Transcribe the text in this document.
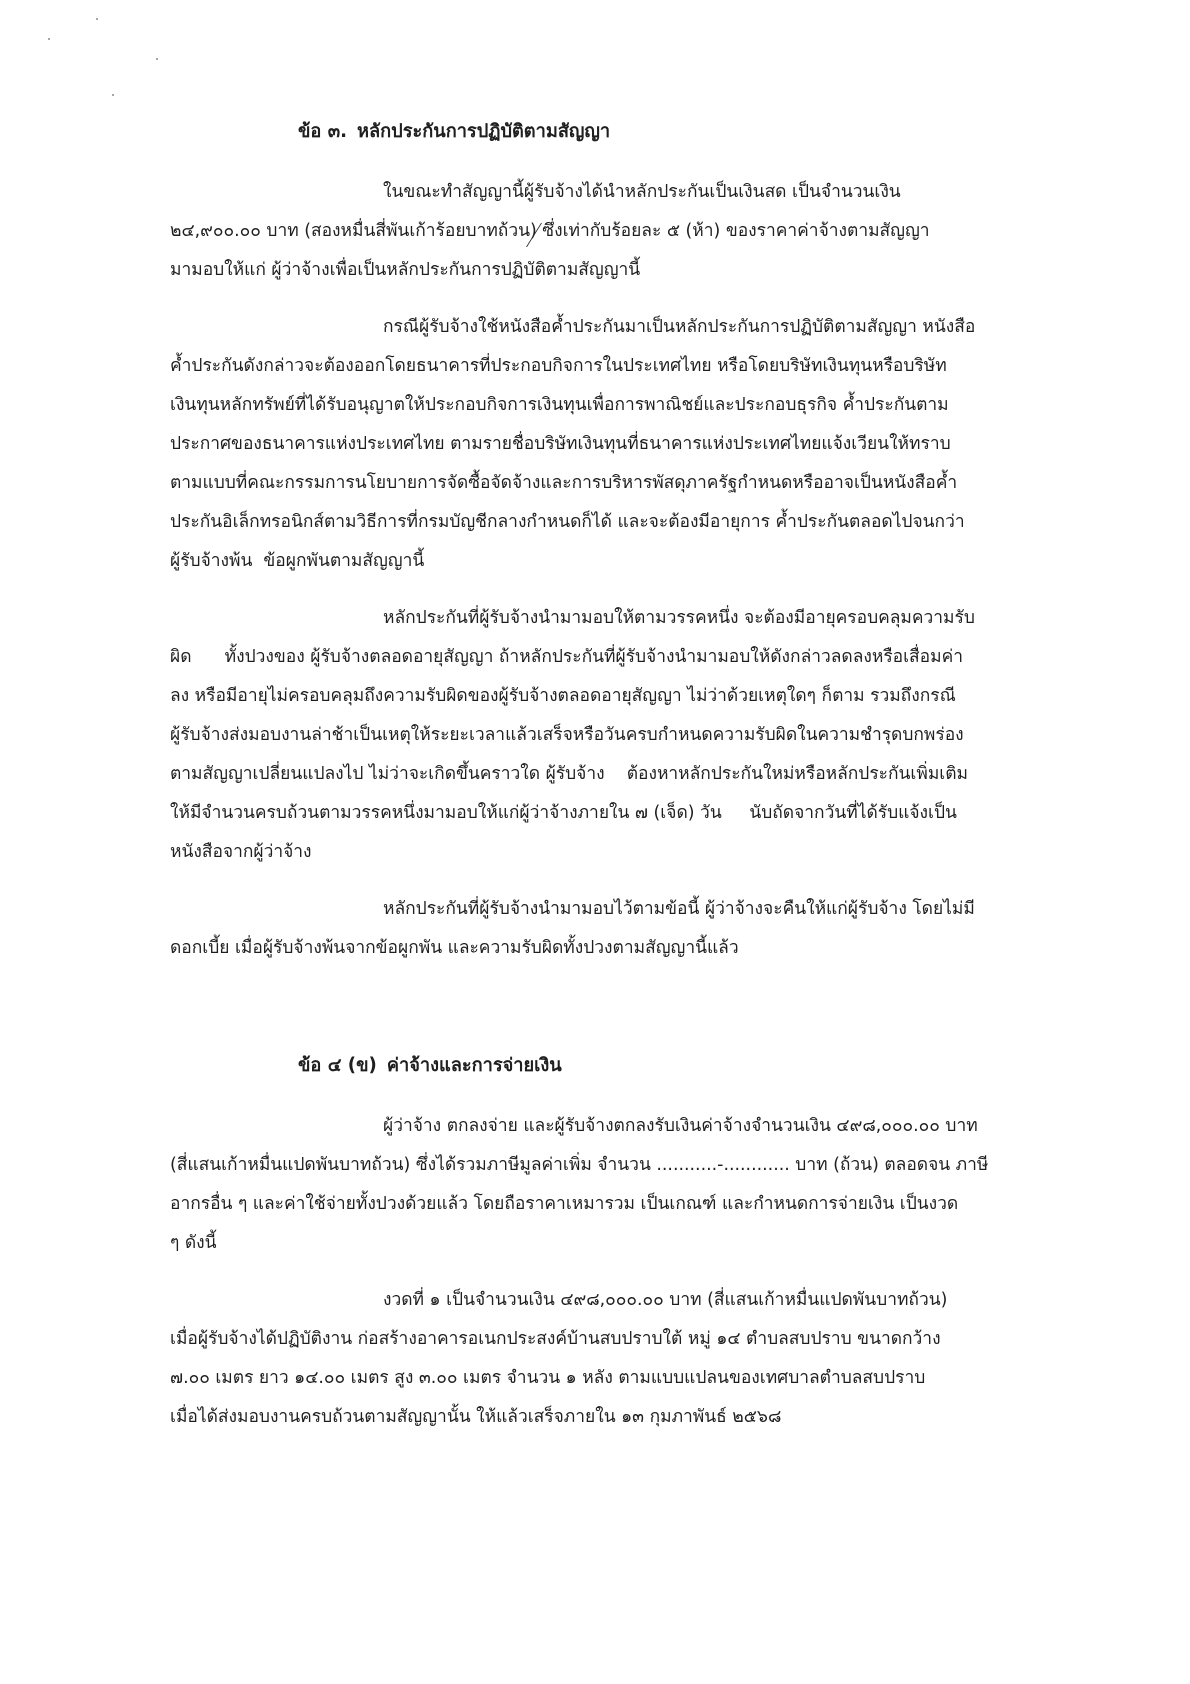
ข้อ ๓. หลักประกันการปฏิบัติตามสัญญา
ในขณะทำสัญญานี้ผู้รับจ้างได้นำหลักประกันเป็นเงินสด เป็นจำนวนเงิน
๒๔,๙๐๐.๐๐ บาท (สองหมื่นสี่พันเก้าร้อยบาทถ้วน) ซึ่งเท่ากับร้อยละ ๕ (ห้า) ของราคาค่าจ้างตามสัญญา
มามอบให้แก่ ผู้ว่าจ้างเพื่อเป็นหลักประกันการปฏิบัติตามสัญญานี้
กรณีผู้รับจ้างใช้หนังสือค้ำประกันมาเป็นหลักประกันการปฏิบัติตามสัญญา หนังสือ
ค้ำประกันดังกล่าวจะต้องออกโดยธนาคารที่ประกอบกิจการในประเทศไทย หรือโดยบริษัทเงินทุนหรือบริษัท
เงินทุนหลักทรัพย์ที่ได้รับอนุญาตให้ประกอบกิจการเงินทุนเพื่อการพาณิชย์และประกอบธุรกิจ ค้ำประกันตาม
ประกาศของธนาคารแห่งประเทศไทย ตามรายชื่อบริษัทเงินทุนที่ธนาคารแห่งประเทศไทยแจ้งเวียนให้ทราบ
ตามแบบที่คณะกรรมการนโยบายการจัดซื้อจัดจ้างและการบริหารพัสดุภาครัฐกำหนดหรืออาจเป็นหนังสือค้ำ
ประกันอิเล็กทรอนิกส์ตามวิธีการที่กรมบัญชีกลางกำหนดก็ได้ และจะต้องมีอายุการ ค้ำประกันตลอดไปจนกว่า
ผู้รับจ้างพ้น  ข้อผูกพันตามสัญญานี้
หลักประกันที่ผู้รับจ้างนำมามอบให้ตามวรรคหนึ่ง จะต้องมีอายุครอบคลุมความรับ
ผิด      ทั้งปวงของ ผู้รับจ้างตลอดอายุสัญญา ถ้าหลักประกันที่ผู้รับจ้างนำมามอบให้ดังกล่าวลดลงหรือเสื่อมค่า
ลง หรือมีอายุไม่ครอบคลุมถึงความรับผิดของผู้รับจ้างตลอดอายุสัญญา ไม่ว่าด้วยเหตุใดๆ ก็ตาม รวมถึงกรณี
ผู้รับจ้างส่งมอบงานล่าช้าเป็นเหตุให้ระยะเวลาแล้วเสร็จหรือวันครบกำหนดความรับผิดในความชำรุดบกพร่อง
ตามสัญญาเปลี่ยนแปลงไป ไม่ว่าจะเกิดขึ้นคราวใด ผู้รับจ้าง    ต้องหาหลักประกันใหม่หรือหลักประกันเพิ่มเติม
ให้มีจำนวนครบถ้วนตามวรรคหนึ่งมามอบให้แก่ผู้ว่าจ้างภายใน ๗ (เจ็ด) วัน     นับถัดจากวันที่ได้รับแจ้งเป็น
หนังสือจากผู้ว่าจ้าง
หลักประกันที่ผู้รับจ้างนำมามอบไว้ตามข้อนี้ ผู้ว่าจ้างจะคืนให้แก่ผู้รับจ้าง โดยไม่มี
ดอกเบี้ย เมื่อผู้รับจ้างพ้นจากข้อผูกพัน และความรับผิดทั้งปวงตามสัญญานี้แล้ว
ข้อ ๔ (ข) ค่าจ้างและการจ่ายเงิน
ผู้ว่าจ้าง ตกลงจ่าย และผู้รับจ้างตกลงรับเงินค่าจ้างจำนวนเงิน ๔๙๘,๐๐๐.๐๐ บาท
(สี่แสนเก้าหมื่นแปดพันบาทถ้วน) ซึ่งได้รวมภาษีมูลค่าเพิ่ม จำนวน ...........-............ บาท (ถ้วน) ตลอดจน ภาษี
อากรอื่น ๆ และค่าใช้จ่ายทั้งปวงด้วยแล้ว โดยถือราคาเหมารวม เป็นเกณฑ์ และกำหนดการจ่ายเงิน เป็นงวด
ๆ ดังนี้
งวดที่ ๑ เป็นจำนวนเงิน ๔๙๘,๐๐๐.๐๐ บาท (สี่แสนเก้าหมื่นแปดพันบาทถ้วน)
เมื่อผู้รับจ้างได้ปฏิบัติงาน ก่อสร้างอาคารอเนกประสงค์บ้านสบปราบใต้ หมู่ ๑๔ ตำบลสบปราบ ขนาดกว้าง
๗.๐๐ เมตร ยาว ๑๔.๐๐ เมตร สูง ๓.๐๐ เมตร จำนวน ๑ หลัง ตามแบบแปลนของเทศบาลตำบลสบปราบ
เมื่อได้ส่งมอบงานครบถ้วนตามสัญญานั้น ให้แล้วเสร็จภายใน ๑๓ กุมภาพันธ์ ๒๕๖๘
